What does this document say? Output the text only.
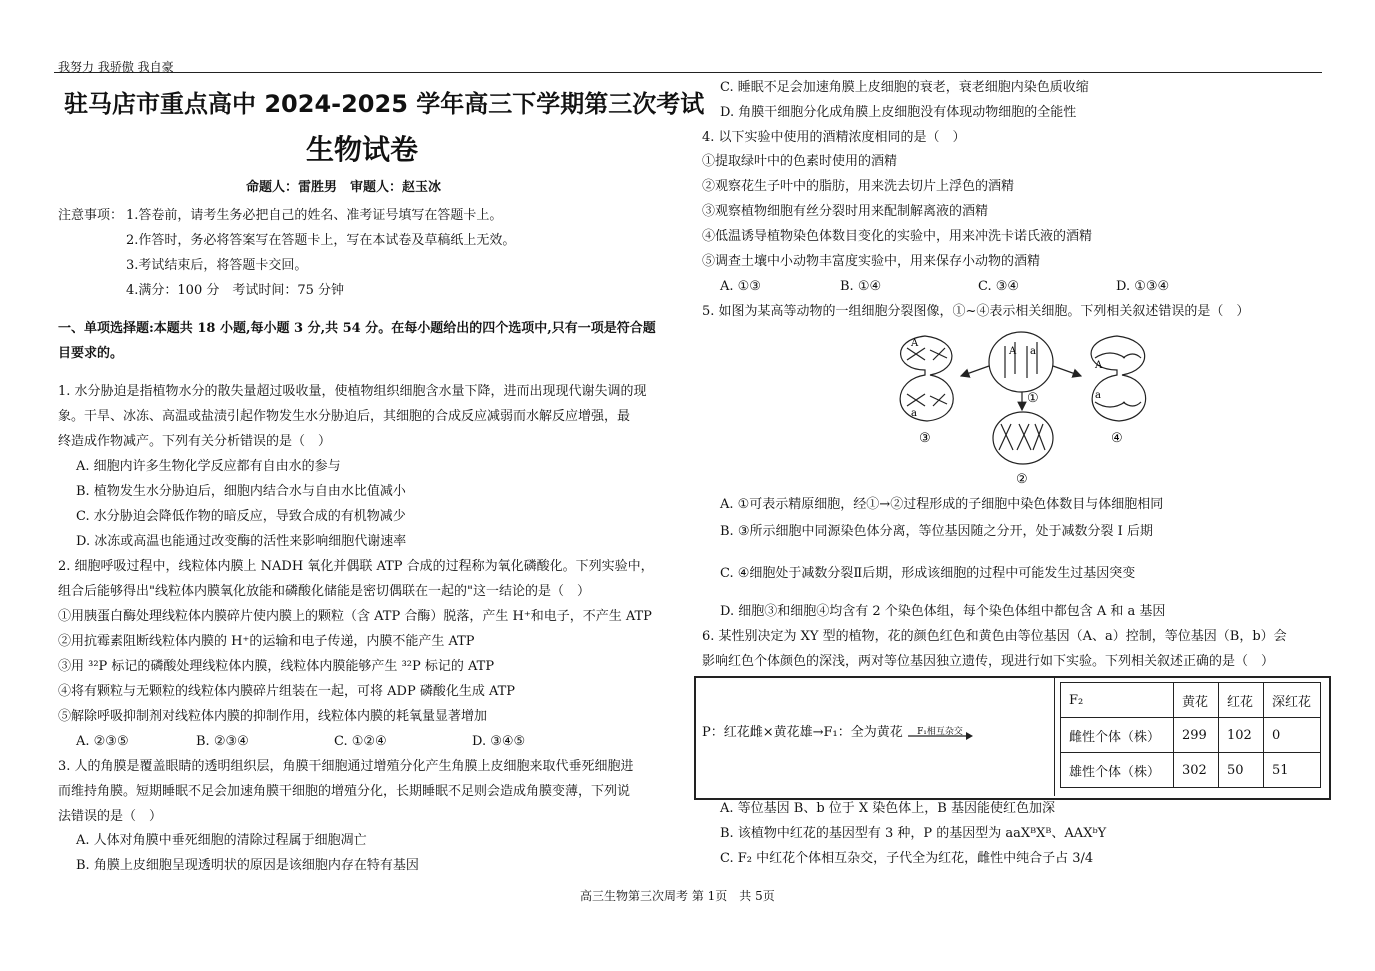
我努力 我骄傲 我自豪
驻马店市重点高中 2024-2025 学年高三下学期第三次考试
生物试卷
命题人：雷胜男　审题人：赵玉冰
注意事项： 1.答卷前，请考生务必把自己的姓名、准考证号填写在答题卡上。
2.作答时，务必将答案写在答题卡上，写在本试卷及草稿纸上无效。
3.考试结束后，将答题卡交回。
4.满分：100 分　考试时间：75 分钟
一、单项选择题:本题共 18 小题,每小题 3 分,共 54 分。在每小题给出的四个选项中,只有一项是符合题
目要求的。
1. 水分胁迫是指植物水分的散失量超过吸收量，使植物组织细胞含水量下降，进而出现现代谢失调的现
象。干旱、冰冻、高温或盐渍引起作物发生水分胁迫后，其细胞的合成反应减弱而水解反应增强，最
终造成作物减产。下列有关分析错误的是（　）
A. 细胞内许多生物化学反应都有自由水的参与
B. 植物发生水分胁迫后，细胞内结合水与自由水比值减小
C. 水分胁迫会降低作物的暗反应，导致合成的有机物减少
D. 冰冻或高温也能通过改变酶的活性来影响细胞代谢速率
2. 细胞呼吸过程中，线粒体内膜上 NADH 氧化并偶联 ATP 合成的过程称为氧化磷酸化。下列实验中，
组合后能够得出"线粒体内膜氧化放能和磷酸化储能是密切偶联在一起的"这一结论的是（　）
①用胰蛋白酶处理线粒体内膜碎片使内膜上的颗粒（含 ATP 合酶）脱落，产生 H⁺和电子，不产生 ATP
②用抗霉素阻断线粒体内膜的 H⁺的运输和电子传递，内膜不能产生 ATP
③用 ³²P 标记的磷酸处理线粒体内膜，线粒体内膜能够产生 ³²P 标记的 ATP
④将有颗粒与无颗粒的线粒体内膜碎片组装在一起，可将 ADP 磷酸化生成 ATP
⑤解除呼吸抑制剂对线粒体内膜的抑制作用，线粒体内膜的耗氧量显著增加
A. ②③⑤	B. ②③④	C. ①②④	D. ③④⑤
3. 人的角膜是覆盖眼睛的透明组织层，角膜干细胞通过增殖分化产生角膜上皮细胞来取代垂死细胞进
而维持角膜。短期睡眠不足会加速角膜干细胞的增殖分化，长期睡眠不足则会造成角膜变薄，下列说
法错误的是（　）
A. 人体对角膜中垂死细胞的清除过程属于细胞凋亡
B. 角膜上皮细胞呈现透明状的原因是该细胞内存在特有基因
C. 睡眠不足会加速角膜上皮细胞的衰老，衰老细胞内染色质收缩
D. 角膜干细胞分化成角膜上皮细胞没有体现动物细胞的全能性
4. 以下实验中使用的酒精浓度相同的是（　）
①提取绿叶中的色素时使用的酒精
②观察花生子叶中的脂肪，用来洗去切片上浮色的酒精
③观察植物细胞有丝分裂时用来配制解离液的酒精
④低温诱导植物染色体数目变化的实验中，用来冲洗卡诺氏液的酒精
⑤调查土壤中小动物丰富度实验中，用来保存小动物的酒精
A. ①③	B. ①④	C. ③④	D. ①③④
5. 如图为某高等动物的一组细胞分裂图像，①~④表示相关细胞。下列相关叙述错误的是（　）
A
a
A a
A
a
①
②
③	④
A. ①可表示精原细胞，经①→②过程形成的子细胞中染色体数目与体细胞相同
B. ③所示细胞中同源染色体分离，等位基因随之分开，处于减数分裂 Ⅰ 后期
C. ④细胞处于减数分裂Ⅱ后期，形成该细胞的过程中可能发生过基因突变
D. 细胞③和细胞④均含有 2 个染色体组，每个染色体组中都包含 A 和 a 基因
6. 某性别决定为 XY 型的植物，花的颜色红色和黄色由等位基因（A、a）控制，等位基因（B，b）会
影响红色个体颜色的深浅，两对等位基因独立遗传，现进行如下实验。下列相关叙述正确的是（　）
P：红花雌×黄花雄→F₁：全为黄花	F₁相互杂交
F₂	黄花	红花	深红花
雌性个体（株）	299	102	0
雄性个体（株）	302	50	51
A. 等位基因 B、b 位于 X 染色体上，B 基因能使红色加深
B. 该植物中红花的基因型有 3 种，P 的基因型为 aaXᴮXᴮ、AAXᵇY
C. F₂ 中红花个体相互杂交，子代全为红花，雌性中纯合子占 3/4
高三生物第三次周考 第 1页　共 5页
